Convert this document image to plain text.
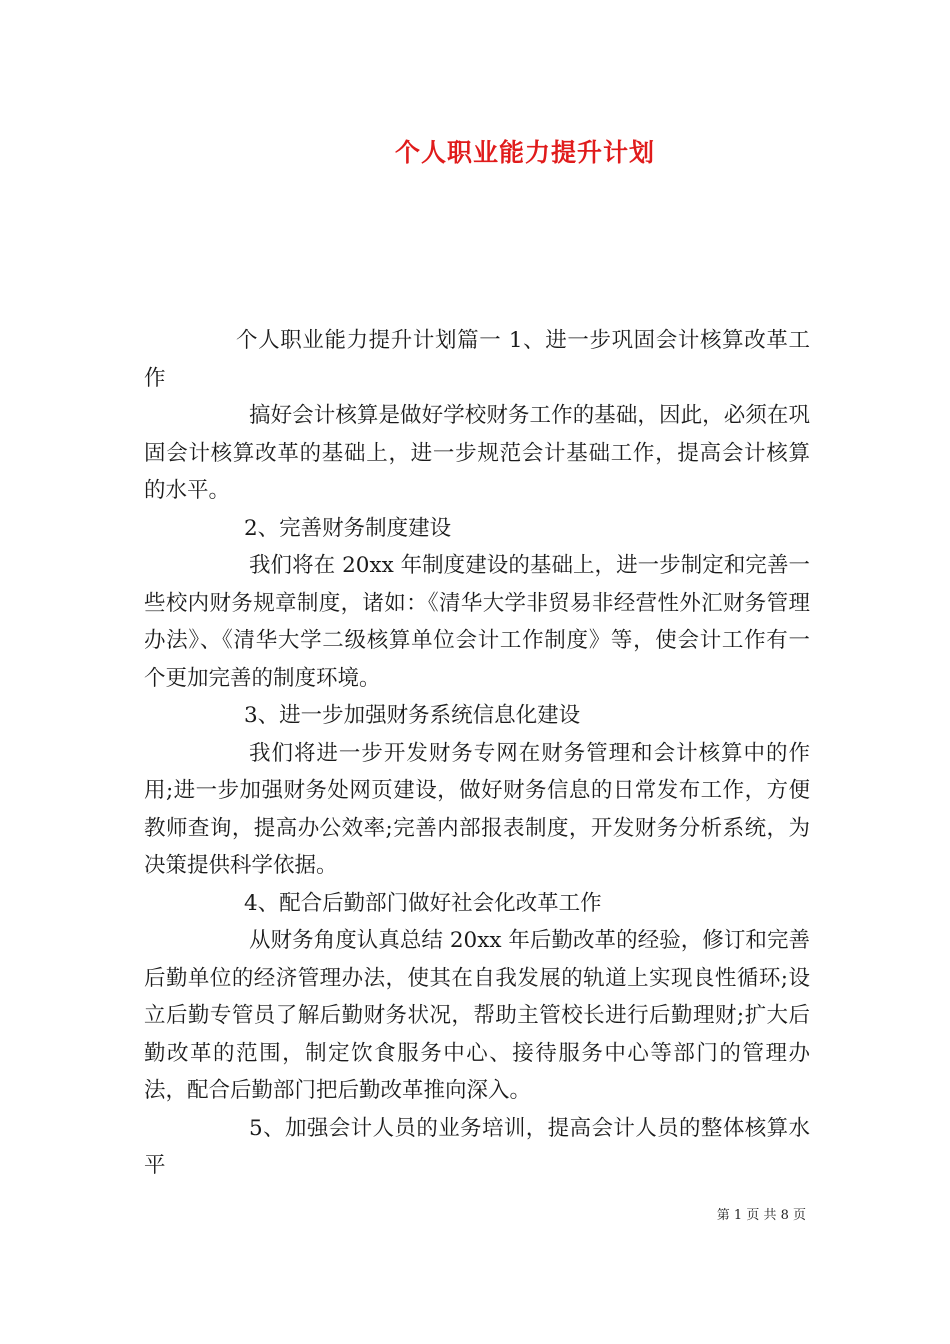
个人职业能力提升计划

个人职业能力提升计划篇一 1、进一步巩固会计核算改革工作

搞好会计核算是做好学校财务工作的基础，因此，必须在巩固会计核算改革的基础上，进一步规范会计基础工作，提高会计核算的水平。

2、完善财务制度建设

我们将在 20xx 年制度建设的基础上，进一步制定和完善一些校内财务规章制度，诸如：《清华大学非贸易非经营性外汇财务管理办法》、《清华大学二级核算单位会计工作制度》等，使会计工作有一个更加完善的制度环境。

3、进一步加强财务系统信息化建设

我们将进一步开发财务专网在财务管理和会计核算中的作用;进一步加强财务处网页建设，做好财务信息的日常发布工作，方便教师查询，提高办公效率;完善内部报表制度，开发财务分析系统，为决策提供科学依据。

4、配合后勤部门做好社会化改革工作

从财务角度认真总结 20xx 年后勤改革的经验，修订和完善后勤单位的经济管理办法，使其在自我发展的轨道上实现良性循环;设立后勤专管员了解后勤财务状况，帮助主管校长进行后勤理财;扩大后勤改革的范围，制定饮食服务中心、接待服务中心等部门的管理办法，配合后勤部门把后勤改革推向深入。

5、加强会计人员的业务培训，提高会计人员的整体核算水平

第 1 页 共 8 页
